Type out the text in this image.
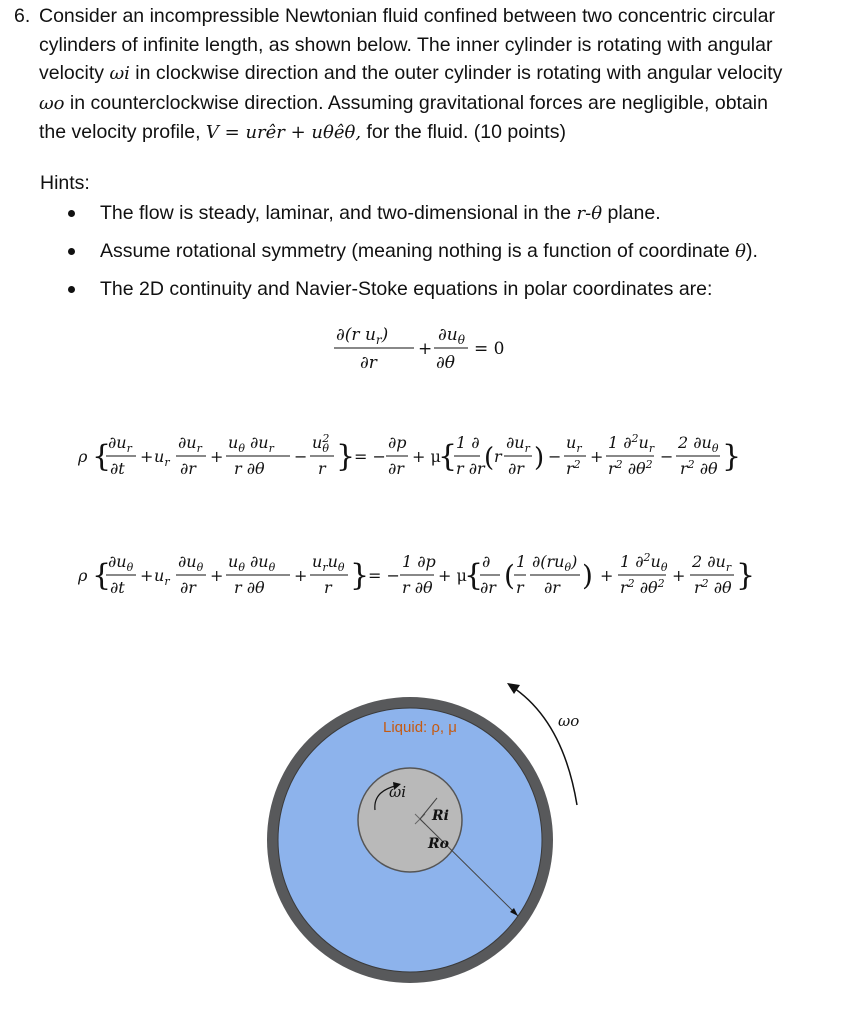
6. Consider an incompressible Newtonian fluid confined between two concentric circular
cylinders of infinite length, as shown below. The inner cylinder is rotating with angular
velocity ωi in clockwise direction and the outer cylinder is rotating with angular velocity
ωo in counterclockwise direction. Assuming gravitational forces are negligible, obtain
the velocity profile, V = urêr + uθêθ, for the fluid. (10 points)
Hints:
The flow is steady, laminar, and two-dimensional in the r-θ plane.
Assume rotational symmetry (meaning nothing is a function of coordinate θ).
The 2D continuity and Navier-Stoke equations in polar coordinates are:
∂(r $u_r$)
∂r
+
$\partial u_\theta$
∂θ
= 0
ρ {
$\partial u_r$
∂t
+ $u_r$
$\partial u_r$
∂r
+
$u_\theta$ $\partial u_r$
r ∂θ
−
$u^2$ θ
r }
= −
∂p
∂r
+ μ
{
1 ∂
r ∂r ( r
$\partial u_r$
∂r ) −
$u_r$
$r^2$ +
1 $\partial^2u_r$
$r^2$ $\partial\theta^2$ −
2 $\partial u_\theta$
$r^2$ ∂θ }
ρ {
$\partial u_\theta$
∂t
+ $u_r$
$\partial u_\theta$
∂r
+
$u_\theta$ $\partial u_\theta$
r ∂θ
+
$u_ru_\theta$
r }
= −
1 ∂p
r ∂θ
+ μ
{
∂
∂r ( 1
r
$\partial(ru_\theta)$
∂r ) +
1 $\partial^2u_\theta$
$r^2$ $\partial\theta^2$ +
2 $\partial u_r$
$r^2$ ∂θ }
Liquid: ρ, μ
ωi
Ri
Ro
ωo
